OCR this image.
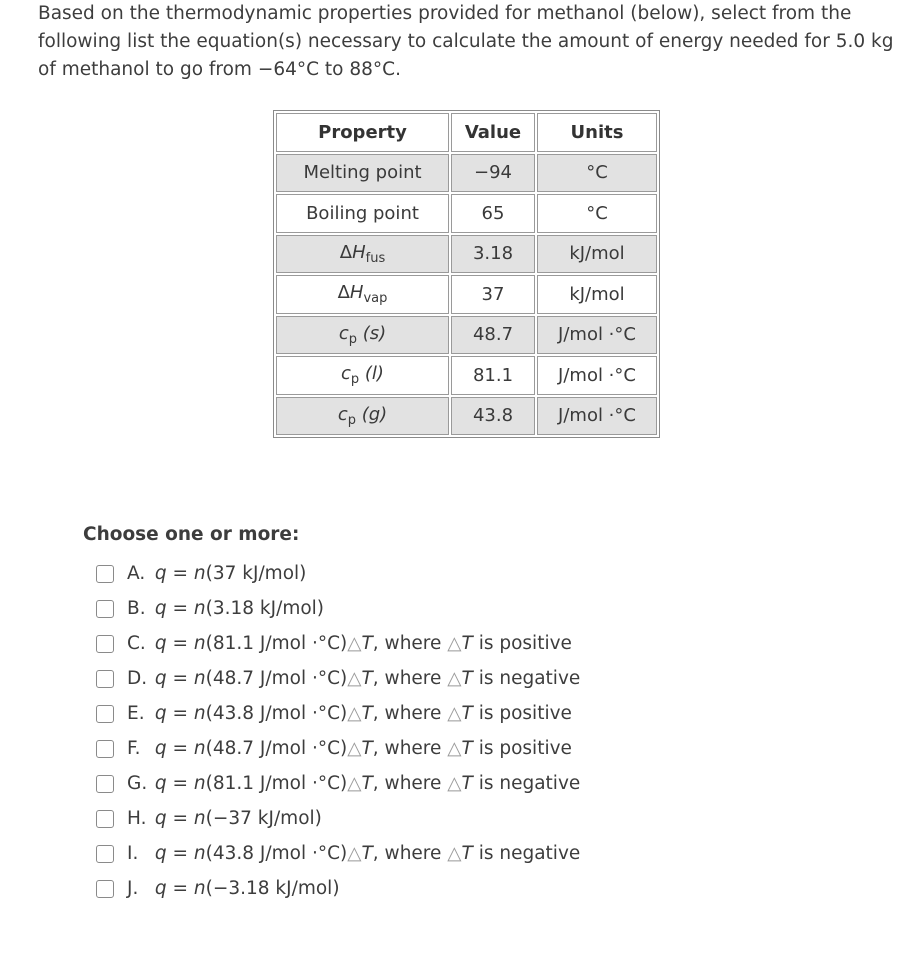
Based on the thermodynamic properties provided for methanol (below), select from the following list the equation(s) necessary to calculate the amount of energy needed for 5.0 kg of methanol to go from −64°C to 88°C.
Property	Value	Units
Melting point	−94	°C
Boiling point	65	°C
$\Delta H_{fus}$	3.18	kJ/mol
$\Delta H_{vap}$	37	kJ/mol
$c_p$ (s)	48.7	J/mol ·°C
$c_p$ (l)	81.1	J/mol ·°C
$c_p$ (g)	43.8	J/mol ·°C
Choose one or more:
A. q = n(37 kJ/mol)
B. q = n(3.18 kJ/mol)
C. q = n(81.1 J/mol ·°C)△T, where △T is positive
D. q = n(48.7 J/mol ·°C)△T, where △T is negative
E. q = n(43.8 J/mol ·°C)△T, where △T is positive
F. q = n(48.7 J/mol ·°C)△T, where △T is positive
G. q = n(81.1 J/mol ·°C)△T, where △T is negative
H. q = n(−37 kJ/mol)
I. q = n(43.8 J/mol ·°C)△T, where △T is negative
J. q = n(−3.18 kJ/mol)
